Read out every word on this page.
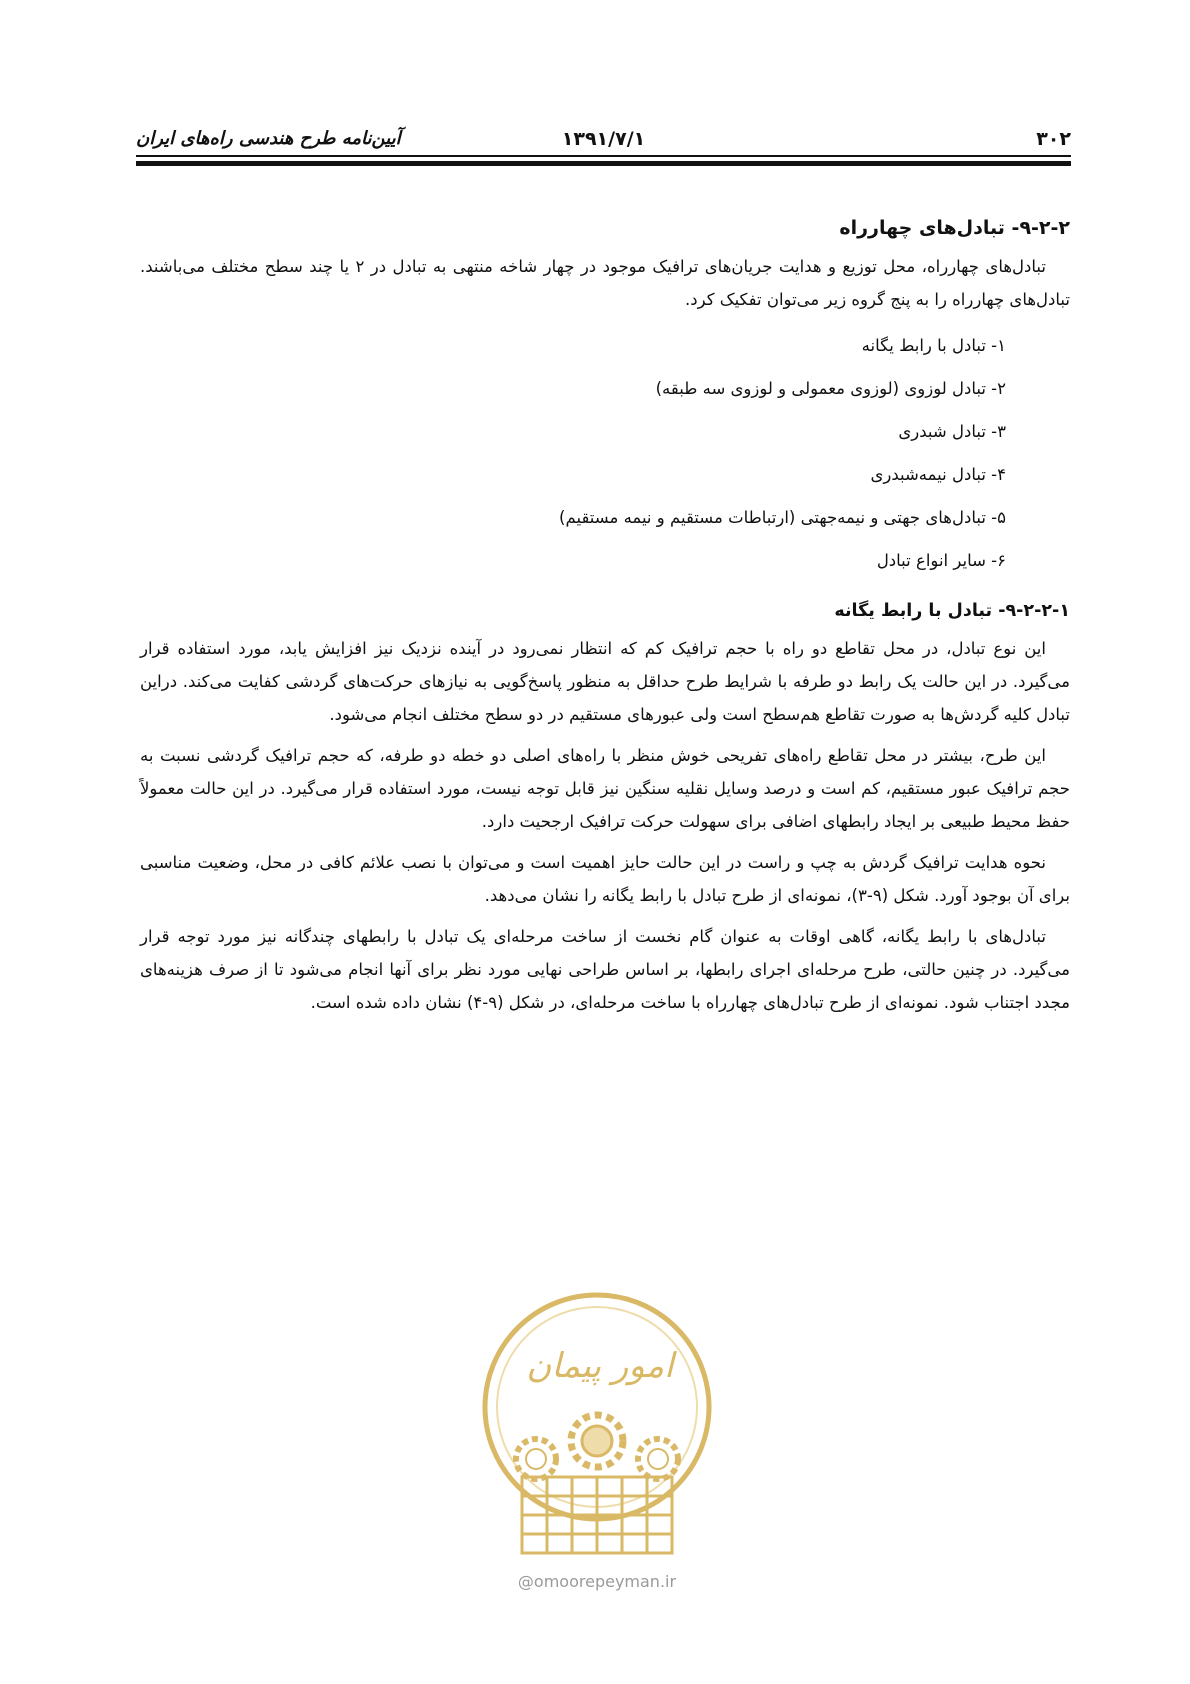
۳۰۲
۱۳۹۱/۷/۱
آیین‌نامه طرح هندسی راه‌های ایران
۹-۲-۲- تبادل‌های چهارراه

تبادل‌های چهارراه، محل توزیع و هدایت جریان‌های ترافیک موجود در چهار شاخه منتهی به تبادل در ۲ یا چند سطح مختلف می‌باشند. تبادل‌های چهارراه را به پنج گروه زیر می‌توان تفکیک کرد.

۱- تبادل با رابط یگانه
۲- تبادل لوزوی (لوزوی معمولی و لوزوی سه طبقه)
۳- تبادل شبدری
۴- تبادل نیمه‌شبدری
۵- تبادل‌های جهتی و نیمه‌جهتی (ارتباطات مستقیم و نیمه مستقیم)
۶- سایر انواع تبادل
۹-۲-۲-۱- تبادل با رابط یگانه

این نوع تبادل، در محل تقاطع دو راه با حجم ترافیک کم که انتظار نمی‌رود در آینده نزدیک نیز افزایش یابد، مورد استفاده قرار می‌گیرد. در این حالت یک رابط دو طرفه با شرایط طرح حداقل به منظور پاسخ‌گویی به نیازهای حرکت‌های گردشی کفایت می‌کند. دراین تبادل کلیه گردش‌ها به صورت تقاطع هم‌سطح است ولی عبورهای مستقیم در دو سطح مختلف انجام می‌شود.

این طرح، بیشتر در محل تقاطع راه‌های تفریحی خوش منظر با راه‌های اصلی دو خطه دو طرفه، که حجم ترافیک گردشی نسبت به حجم ترافیک عبور مستقیم، کم است و درصد وسایل نقلیه سنگین نیز قابل توجه نیست، مورد استفاده قرار می‌گیرد. در این حالت معمولاً حفظ محیط طبیعی بر ایجاد رابطهای اضافی برای سهولت حرکت ترافیک ارجحیت دارد.

نحوه هدایت ترافیک گردش به چپ و راست در این حالت حایز اهمیت است و می‌توان با نصب علائم کافی در محل، وضعیت مناسبی برای آن بوجود آورد. شکل (۹-۳)، نمونه‌ای از طرح تبادل با رابط یگانه را نشان می‌دهد.

تبادل‌های با رابط یگانه، گاهی اوقات به عنوان گام نخست از ساخت مرحله‌ای یک تبادل با رابطهای چندگانه نیز مورد توجه قرار می‌گیرد. در چنین حالتی، طرح مرحله‌ای اجرای رابطها، بر اساس طراحی نهایی مورد نظر برای آنها انجام می‌شود تا از صرف هزینه‌های مجدد اجتناب شود. نمونه‌ای از طرح تبادل‌های چهارراه با ساخت مرحله‌ای، در شکل (۹-۴) نشان داده شده است.

امور پیمان
@omoorepeyman.ir
